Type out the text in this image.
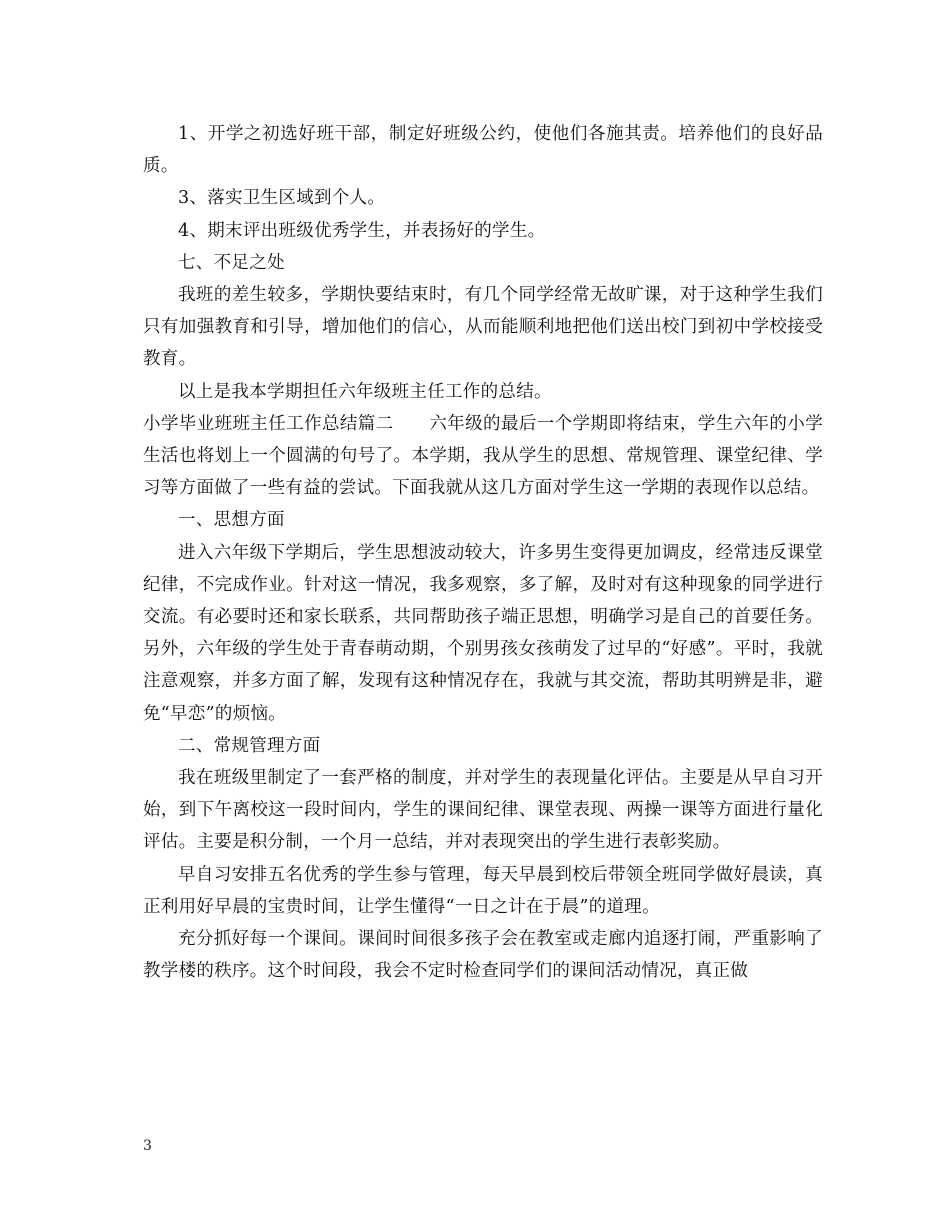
1、开学之初选好班干部，制定好班级公约，使他们各施其责。培养他们的良好品质。

3、落实卫生区域到个人。

4、期末评出班级优秀学生，并表扬好的学生。

七、不足之处

我班的差生较多，学期快要结束时，有几个同学经常无故旷课，对于这种学生我们只有加强教育和引导，增加他们的信心，从而能顺利地把他们送出校门到初中学校接受教育。

以上是我本学期担任六年级班主任工作的总结。

小学毕业班班主任工作总结篇二　　六年级的最后一个学期即将结束，学生六年的小学生活也将划上一个圆满的句号了。本学期，我从学生的思想、常规管理、课堂纪律、学习等方面做了一些有益的尝试。下面我就从这几方面对学生这一学期的表现作以总结。

一、思想方面

进入六年级下学期后，学生思想波动较大，许多男生变得更加调皮，经常违反课堂纪律，不完成作业。针对这一情况，我多观察，多了解，及时对有这种现象的同学进行交流。有必要时还和家长联系，共同帮助孩子端正思想，明确学习是自己的首要任务。另外，六年级的学生处于青春萌动期，个别男孩女孩萌发了过早的“好感”。平时，我就注意观察，并多方面了解，发现有这种情况存在，我就与其交流，帮助其明辨是非，避免“早恋”的烦恼。

二、常规管理方面

我在班级里制定了一套严格的制度，并对学生的表现量化评估。主要是从早自习开始，到下午离校这一段时间内，学生的课间纪律、课堂表现、两操一课等方面进行量化评估。主要是积分制，一个月一总结，并对表现突出的学生进行表彰奖励。

早自习安排五名优秀的学生参与管理，每天早晨到校后带领全班同学做好晨读，真正利用好早晨的宝贵时间，让学生懂得“一日之计在于晨”的道理。

充分抓好每一个课间。课间时间很多孩子会在教室或走廊内追逐打闹，严重影响了教学楼的秩序。这个时间段，我会不定时检查同学们的课间活动情况，真正做

3
